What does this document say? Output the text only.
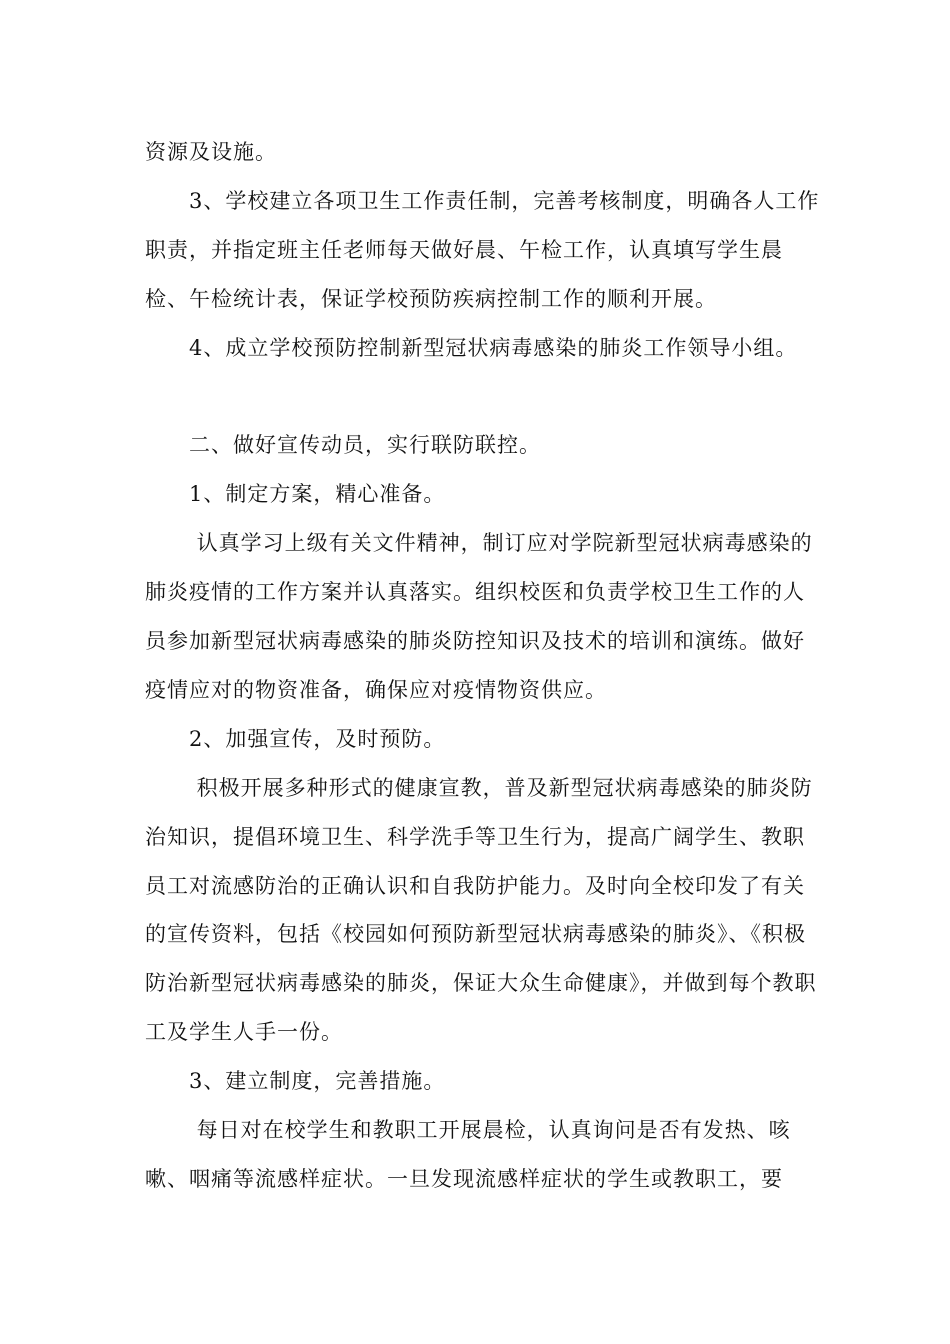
资源及设施。

　　3、学校建立各项卫生工作责任制，完善考核制度，明确各人工作职责，并指定班主任老师每天做好晨、午检工作，认真填写学生晨检、午检统计表，保证学校预防疾病控制工作的顺利开展。

　　4、成立学校预防控制新型冠状病毒感染的肺炎工作领导小组。

　　二、做好宣传动员，实行联防联控。

　　1、制定方案，精心准备。

　　 认真学习上级有关文件精神，制订应对学院新型冠状病毒感染的肺炎疫情的工作方案并认真落实。组织校医和负责学校卫生工作的人员参加新型冠状病毒感染的肺炎防控知识及技术的培训和演练。做好疫情应对的物资准备，确保应对疫情物资供应。

　　2、加强宣传，及时预防。

　　 积极开展多种形式的健康宣教，普及新型冠状病毒感染的肺炎防治知识，提倡环境卫生、科学洗手等卫生行为，提高广阔学生、教职员工对流感防治的正确认识和自我防护能力。及时向全校印发了有关的宣传资料，包括《校园如何预防新型冠状病毒感染的肺炎》、《积极防治新型冠状病毒感染的肺炎，保证大众生命健康》，并做到每个教职工及学生人手一份。

　　3、建立制度，完善措施。

　　 每日对在校学生和教职工开展晨检，认真询问是否有发热、咳嗽、咽痛等流感样症状。一旦发现流感样症状的学生或教职工，要
